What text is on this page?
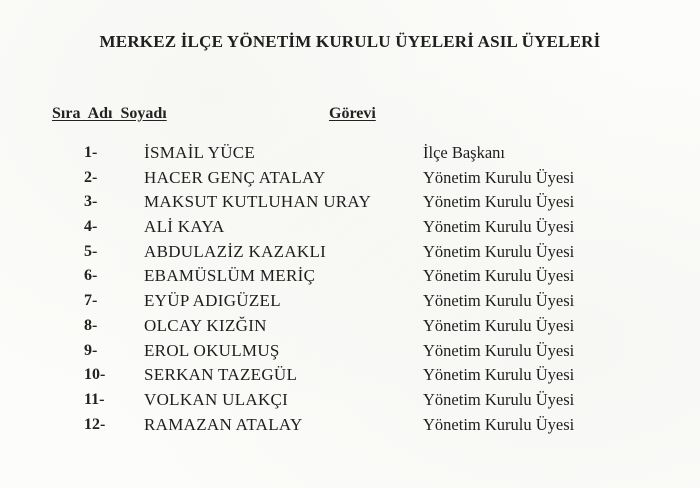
MERKEZ İLÇE YÖNETİM KURULU ÜYELERİ ASIL ÜYELERİ
Sıra  Adı  Soyadı	Görevi
1-	İSMAİL YÜCE	İlçe Başkanı
2-	HACER GENÇ ATALAY	Yönetim Kurulu Üyesi
3-	MAKSUT KUTLUHAN URAY	Yönetim Kurulu Üyesi
4-	ALİ KAYA	Yönetim Kurulu Üyesi
5-	ABDULAZİZ KAZAKLI	Yönetim Kurulu Üyesi
6-	EBAMÜSLÜM MERİÇ	Yönetim Kurulu Üyesi
7-	EYÜP ADIGÜZEL	Yönetim Kurulu Üyesi
8-	OLCAY KIZĞIN	Yönetim Kurulu Üyesi
9-	EROL OKULMUŞ	Yönetim Kurulu Üyesi
10- SERKAN TAZEGÜL	Yönetim Kurulu Üyesi
11- VOLKAN ULAKÇI	Yönetim Kurulu Üyesi
12- RAMAZAN ATALAY	Yönetim Kurulu Üyesi
